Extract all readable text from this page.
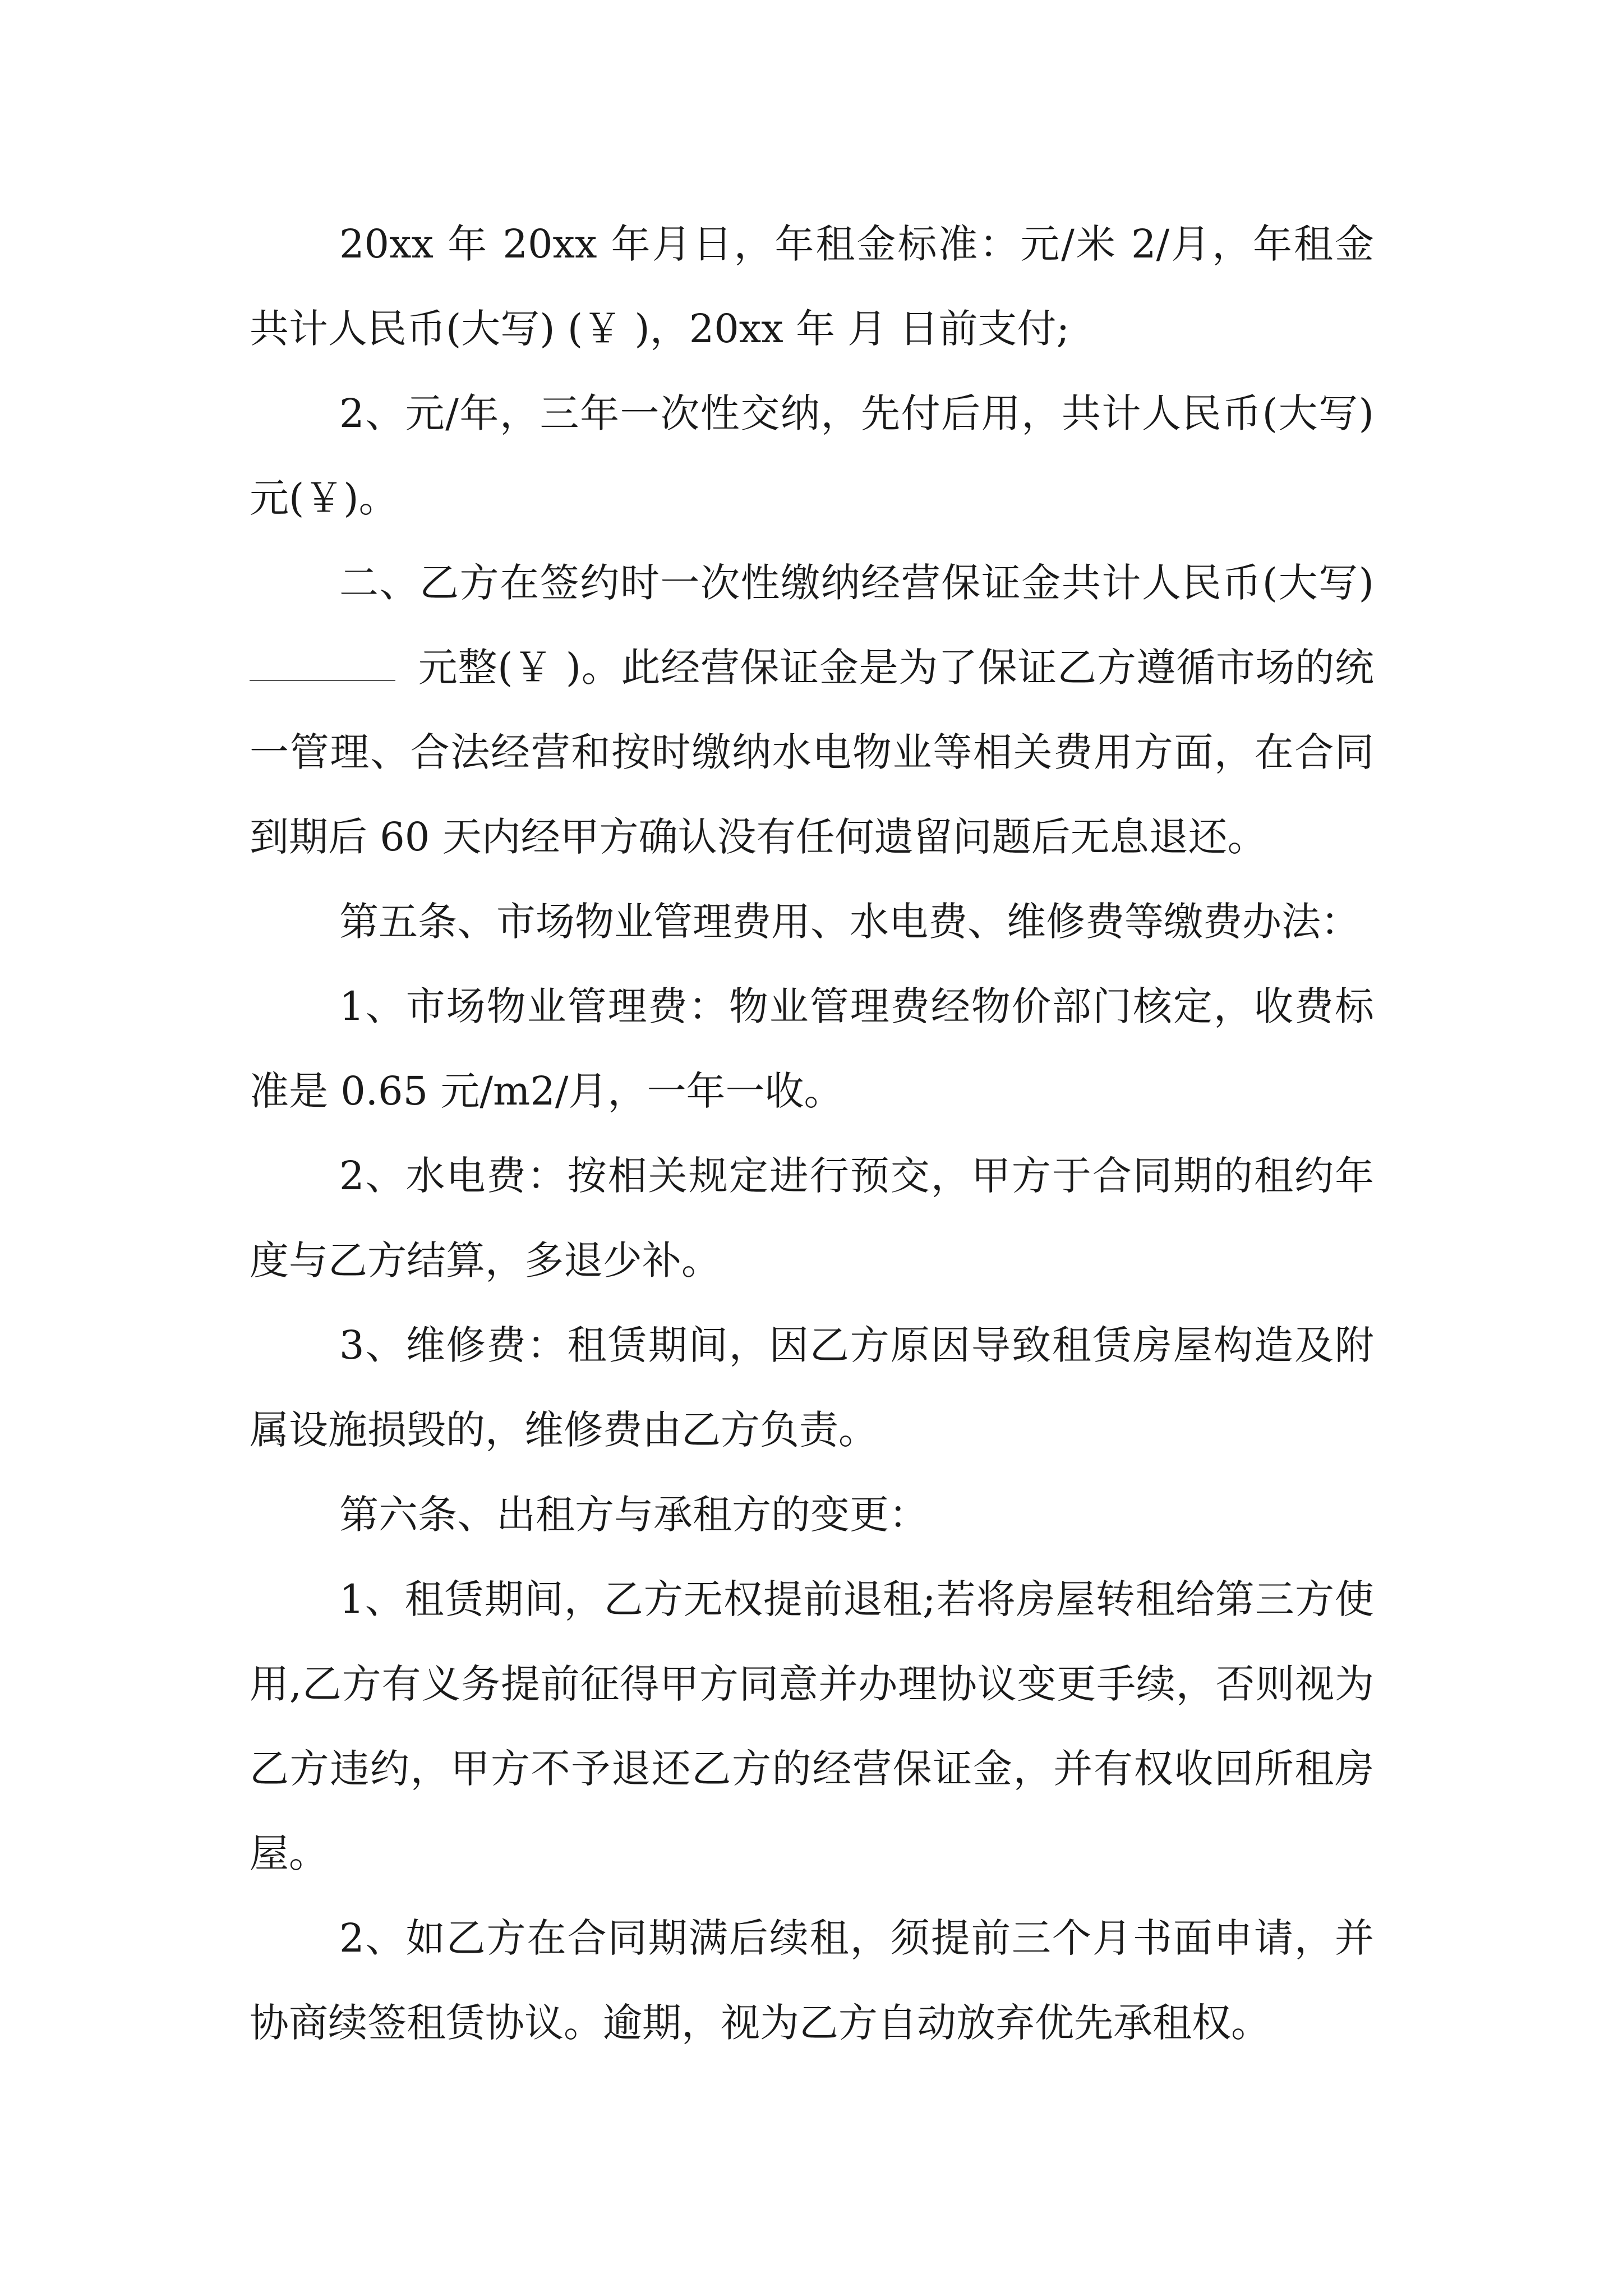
20xx 年 20xx 年月日，年租金标准：元/米 2/月，年租金共计人民币(大写) (￥ )，20xx 年 月 日前支付;

2、元/年，三年一次性交纳，先付后用，共计人民币(大写) 元(￥)。

二、乙方在签约时一次性缴纳经营保证金共计人民币(大写)元整(￥ )。此经营保证金是为了保证乙方遵循市场的统一管理、合法经营和按时缴纳水电物业等相关费用方面，在合同到期后 60 天内经甲方确认没有任何遗留问题后无息退还。

第五条、市场物业管理费用、水电费、维修费等缴费办法：

1、市场物业管理费：物业管理费经物价部门核定，收费标准是 0.65 元/m2/月，一年一收。

2、水电费：按相关规定进行预交，甲方于合同期的租约年度与乙方结算，多退少补。

3、维修费：租赁期间，因乙方原因导致租赁房屋构造及附属设施损毁的，维修费由乙方负责。

第六条、出租方与承租方的变更：

1、租赁期间，乙方无权提前退租;若将房屋转租给第三方使用,乙方有义务提前征得甲方同意并办理协议变更手续，否则视为乙方违约，甲方不予退还乙方的经营保证金，并有权收回所租房屋。

2、如乙方在合同期满后续租，须提前三个月书面申请，并协商续签租赁协议。逾期，视为乙方自动放弃优先承租权。
